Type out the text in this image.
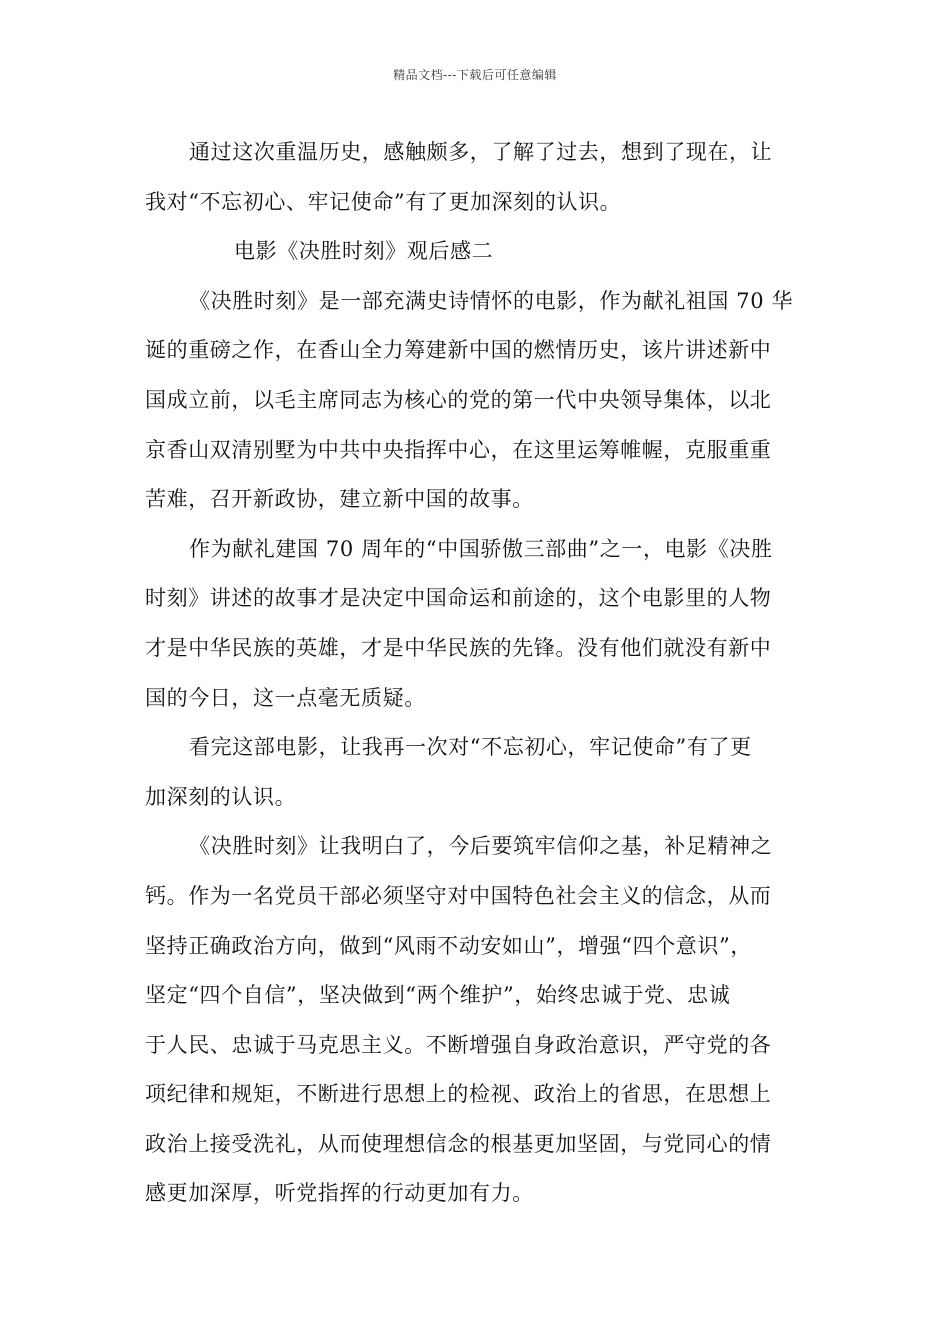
精品文档---下载后可任意编辑
通过这次重温历史，感触颇多，了解了过去，想到了现在，让
我对“不忘初心、牢记使命”有了更加深刻的认识。
电影《决胜时刻》观后感二
《决胜时刻》是一部充满史诗情怀的电影，作为献礼祖国 70 华
诞的重磅之作，在香山全力筹建新中国的燃情历史，该片讲述新中
国成立前，以毛主席同志为核心的党的第一代中央领导集体，以北
京香山双清别墅为中共中央指挥中心，在这里运筹帷幄，克服重重
苦难，召开新政协，建立新中国的故事。
作为献礼建国 70 周年的“中国骄傲三部曲”之一，电影《决胜
时刻》讲述的故事才是决定中国命运和前途的，这个电影里的人物
才是中华民族的英雄，才是中华民族的先锋。没有他们就没有新中
国的今日，这一点毫无质疑。
看完这部电影，让我再一次对“不忘初心，牢记使命”有了更
加深刻的认识。
《决胜时刻》让我明白了，今后要筑牢信仰之基，补足精神之
钙。作为一名党员干部必须坚守对中国特色社会主义的信念，从而
坚持正确政治方向，做到“风雨不动安如山”，增强“四个意识”，
坚定“四个自信”，坚决做到“两个维护”，始终忠诚于党、忠诚
于人民、忠诚于马克思主义。不断增强自身政治意识，严守党的各
项纪律和规矩，不断进行思想上的检视、政治上的省思，在思想上
政治上接受洗礼，从而使理想信念的根基更加坚固，与党同心的情
感更加深厚，听党指挥的行动更加有力。
